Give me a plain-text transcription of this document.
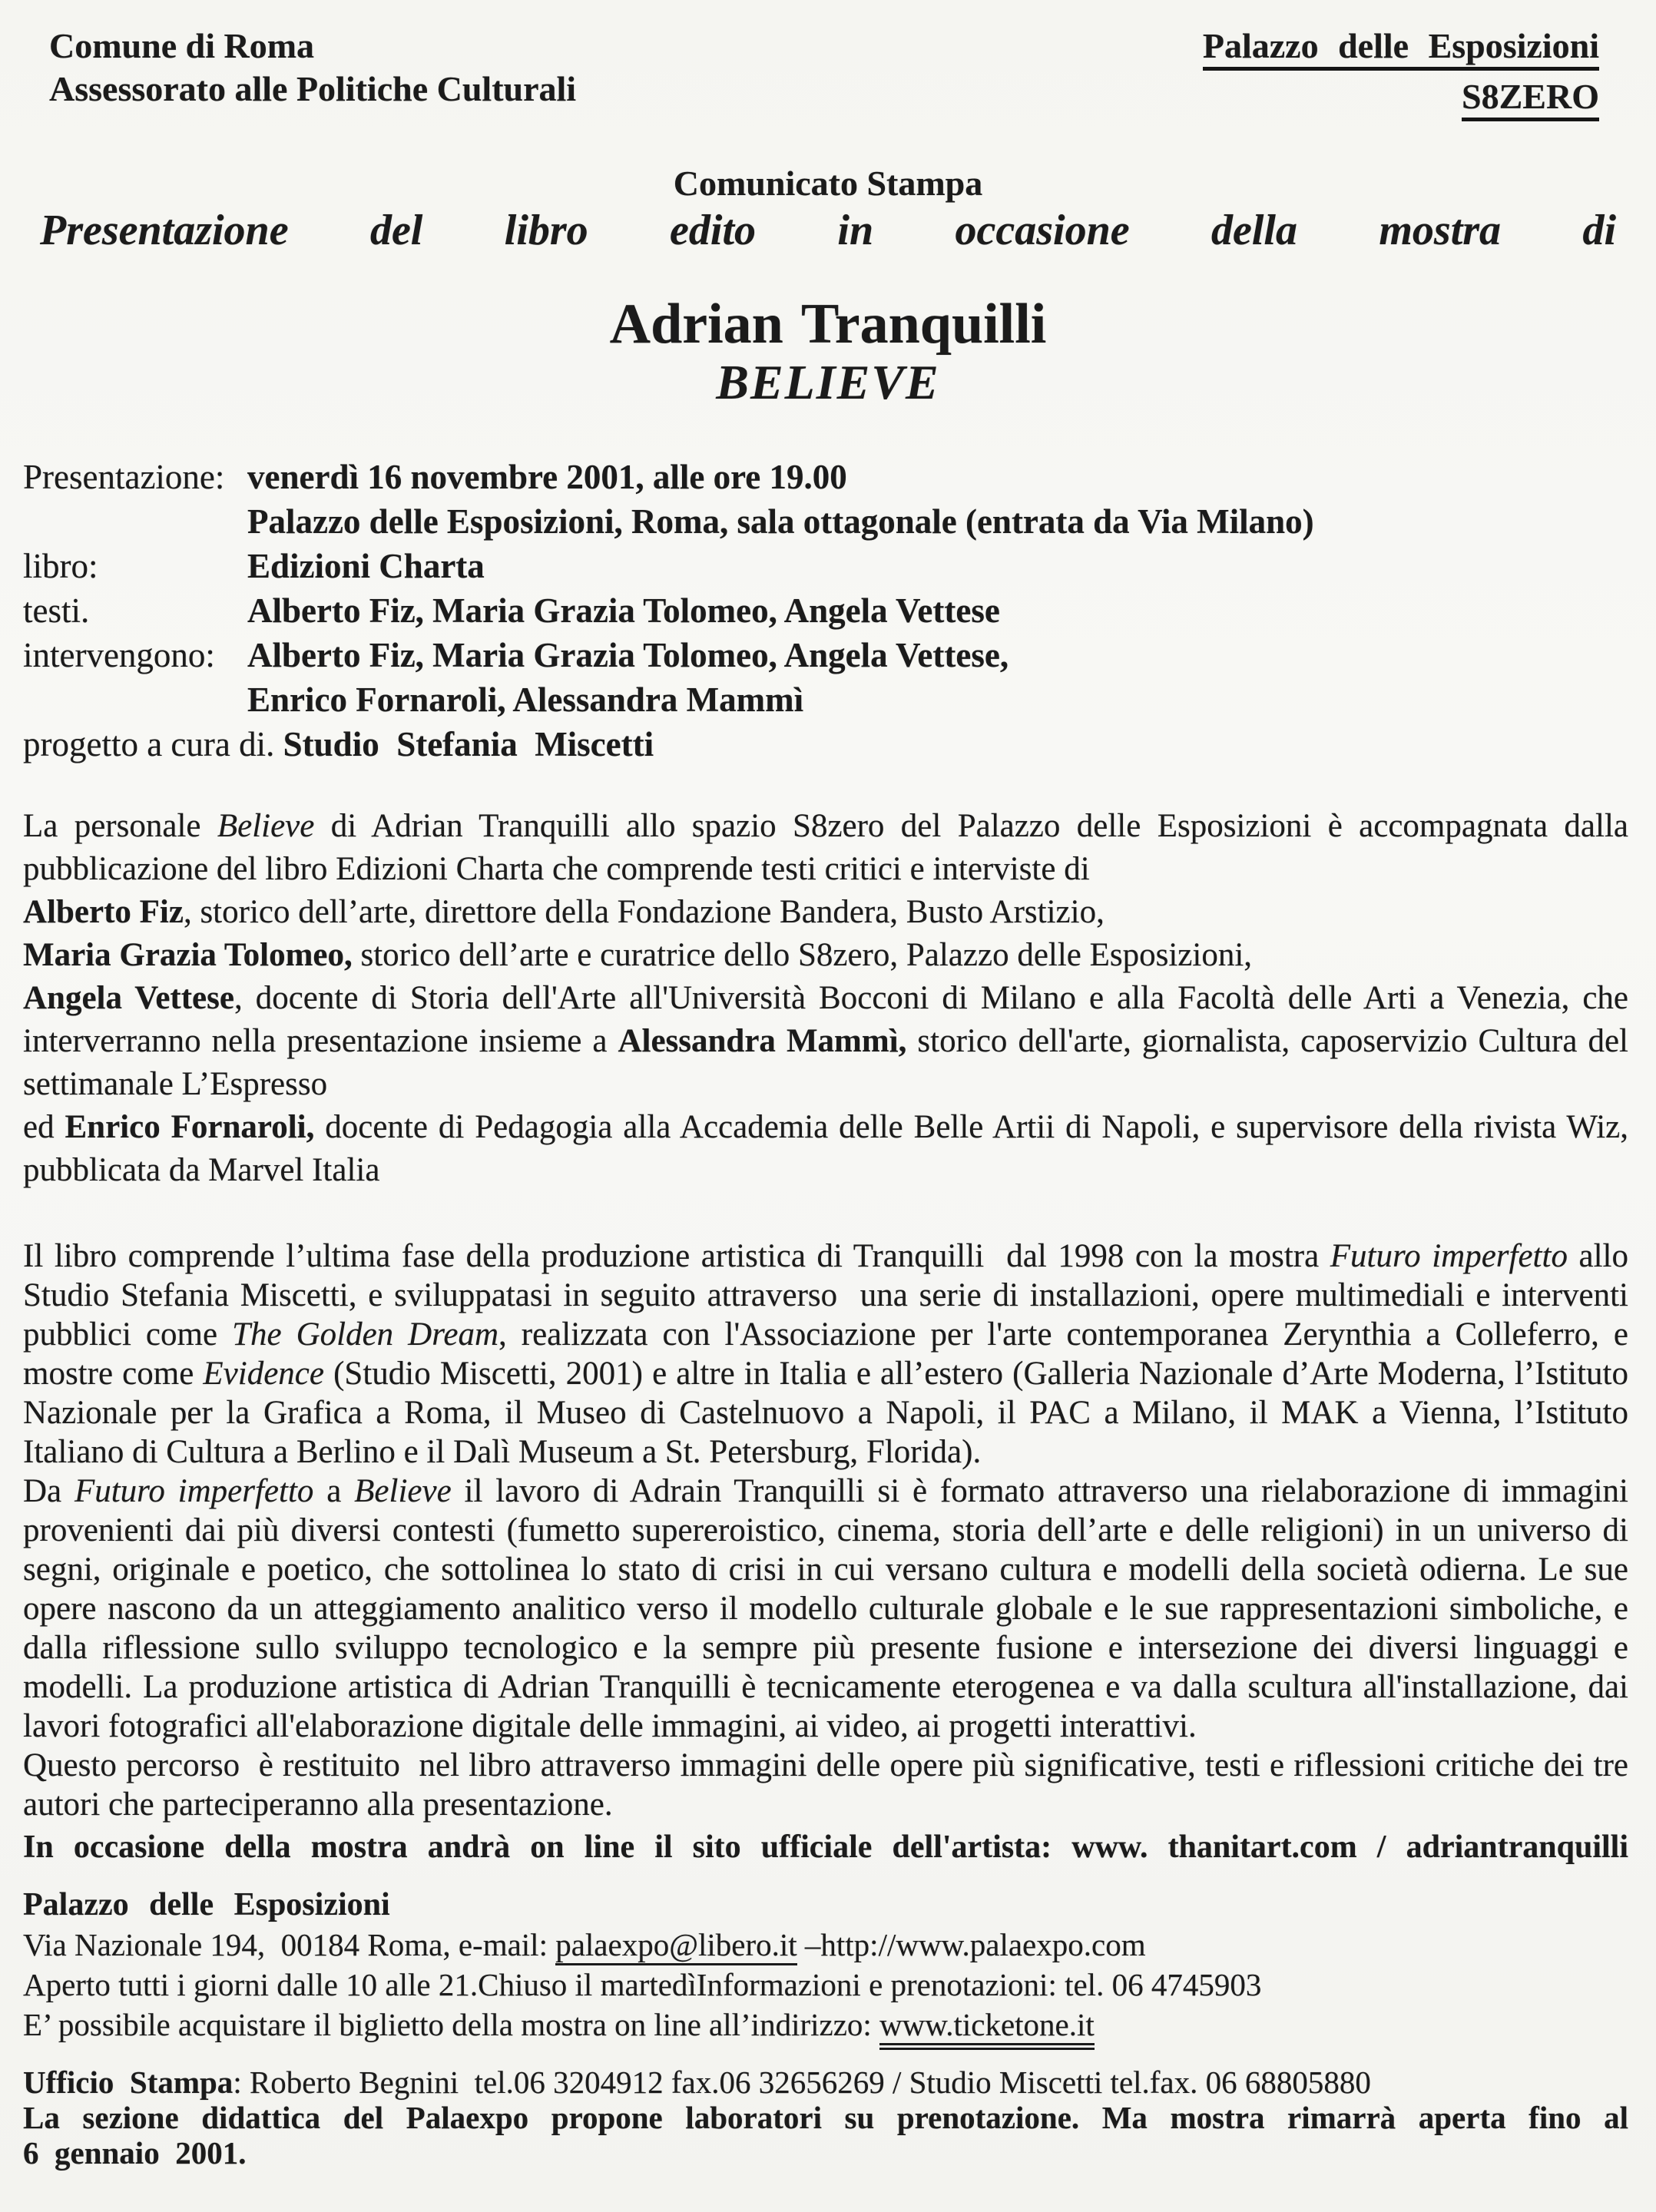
Comune di Roma
Assessorato alle Politiche Culturali
Palazzo delle Esposizioni
S8ZERO
Comunicato Stampa
Presentazione del libro edito in occasione della mostra di
Adrian Tranquilli
BELIEVE
Presentazione: venerdì 16 novembre 2001, alle ore 19.00
Palazzo delle Esposizioni, Roma, sala ottagonale (entrata da Via Milano)
libro:	Edizioni Charta
testi.	Alberto Fiz, Maria Grazia Tolomeo, Angela Vettese
intervengono: Alberto Fiz, Maria Grazia Tolomeo, Angela Vettese,
Enrico Fornaroli, Alessandra Mammì
progetto a cura di. Studio  Stefania  Miscetti

La personale Believe di Adrian Tranquilli allo spazio S8zero del Palazzo delle Esposizioni è accompagnata dalla pubblicazione del libro Edizioni Charta che comprende testi critici e interviste di

Alberto Fiz, storico dell’arte, direttore della Fondazione Bandera, Busto Arstizio,

Maria Grazia Tolomeo, storico dell’arte e curatrice dello S8zero, Palazzo delle Esposizioni,

Angela Vettese, docente di Storia dell'Arte all'Università Bocconi di Milano e alla Facoltà delle Arti a Venezia, che interverranno nella presentazione insieme a Alessandra Mammì, storico dell'arte, giornalista, caposervizio Cultura del settimanale L’Espresso

ed Enrico Fornaroli, docente di Pedagogia alla Accademia delle Belle Artii di Napoli, e supervisore della rivista Wiz, pubblicata da Marvel Italia

Il libro comprende l’ultima fase della produzione artistica di Tranquilli  dal 1998 con la mostra Futuro imperfetto allo Studio Stefania Miscetti, e sviluppatasi in seguito attraverso  una serie di installazioni, opere multimediali e interventi pubblici come The Golden Dream, realizzata con l'Associazione per l'arte contemporanea Zerynthia a Colleferro, e mostre come Evidence (Studio Miscetti, 2001) e altre in Italia e all’estero (Galleria Nazionale d’Arte Moderna, l’Istituto Nazionale per la Grafica a Roma, il Museo di Castelnuovo a Napoli, il PAC a Milano, il MAK a Vienna, l’Istituto Italiano di Cultura a Berlino e il Dalì Museum a St. Petersburg, Florida).

Da Futuro imperfetto a Believe il lavoro di Adrain Tranquilli si è formato attraverso una rielaborazione di immagini provenienti dai più diversi contesti (fumetto supereroistico, cinema, storia dell’arte e delle religioni) in un universo di segni, originale e poetico, che sottolinea lo stato di crisi in cui versano cultura e modelli della società odierna. Le sue opere nascono da un atteggiamento analitico verso il modello culturale globale e le sue rappresentazioni simboliche, e dalla riflessione sullo sviluppo tecnologico e la sempre più presente fusione e intersezione dei diversi linguaggi e modelli. La produzione artistica di Adrian Tranquilli è tecnicamente eterogenea e va dalla scultura all'installazione, dai lavori fotografici all'elaborazione digitale delle immagini, ai video, ai progetti interattivi.

Questo percorso  è restituito  nel libro attraverso immagini delle opere più significative, testi e riflessioni critiche dei tre autori che parteciperanno alla presentazione.

In occasione della mostra andrà on line il sito ufficiale dell'artista: www. thanitart.com / adriantranquilli

Palazzo delle Esposizioni
Via Nazionale 194,  00184 Roma, e-mail: palaexpo@libero.it –http://www.palaexpo.com
Aperto tutti i giorni dalle 10 alle 21.Chiuso il martedìInformazioni e prenotazioni: tel. 06 4745903
E’ possibile acquistare il biglietto della mostra on line all’indirizzo: www.ticketone.it
Ufficio  Stampa: Roberto Begnini  tel.06 3204912 fax.06 32656269 / Studio Miscetti tel.fax. 06 68805880
La sezione didattica del Palaexpo propone laboratori su prenotazione. Ma mostra rimarrà aperta fino al
6  gennaio  2001.
